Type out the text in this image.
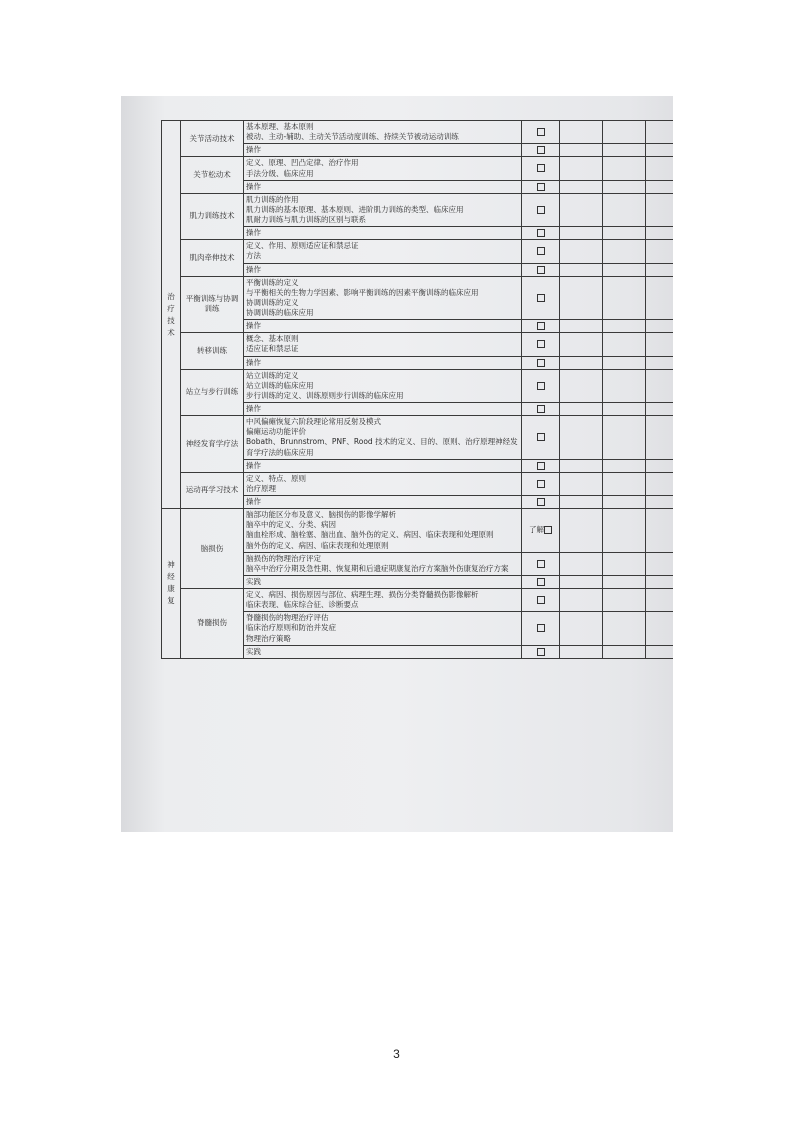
治疗技术	关节活动技术	基本原理、基本原则
被动、主动-辅助、主动关节活动度训练、持续关节被动运动训练				

		操作				

	关节松动术	定义、原理、凹凸定律、治疗作用
手法分级、临床应用				

		操作				

	肌力训练技术	肌力训练的作用
肌力训练的基本原理、基本原则、进阶肌力训练的类型、临床应用
肌耐力训练与肌力训练的区别与联系				

		操作				

	肌肉牵伸技术	定义、作用、原则适应证和禁忌证
方法				

		操作				

	平衡训练与协调训练	平衡训练的定义
与平衡相关的生物力学因素、影响平衡训练的因素平衡训练的临床应用
协调训练的定义
协调训练的临床应用				

		操作				

	转移训练	概念、基本原则
适应证和禁忌证				

		操作				

	站立与步行训练	站立训练的定义
站立训练的临床应用
步行训练的定义、训练原则步行训练的临床应用				

		操作				

	神经发育学疗法	中风偏瘫恢复六阶段理论常用反射及模式
偏瘫运动功能评价
Bobath、Brunnstrom、PNF、Rood 技术的定义、目的、原则、治疗原理神经发育学疗法的临床应用				

		操作				

	运动再学习技术	定义、特点、原则
治疗原理				

		操作				

神经康复	脑损伤	脑部功能区分布及意义、脑损伤的影像学解析
脑卒中的定义、分类、病因
脑血栓形成、脑栓塞、脑出血、脑外伤的定义、病因、临床表现和处理原则
脑外伤的定义、病因、临床表现和处理原则	了解			

		脑损伤的物理治疗评定
脑卒中治疗分期及急性期、恢复期和后遗症期康复治疗方案脑外伤康复治疗方案				

		实践				

	脊髓损伤	定义、病因、损伤原因与部位、病理生理、损伤分类脊髓损伤影像解析
临床表现、临床综合征、诊断要点				

		脊髓损伤的物理治疗评估
临床治疗原则和防治并发症
物理治疗策略				

		实践				

3
